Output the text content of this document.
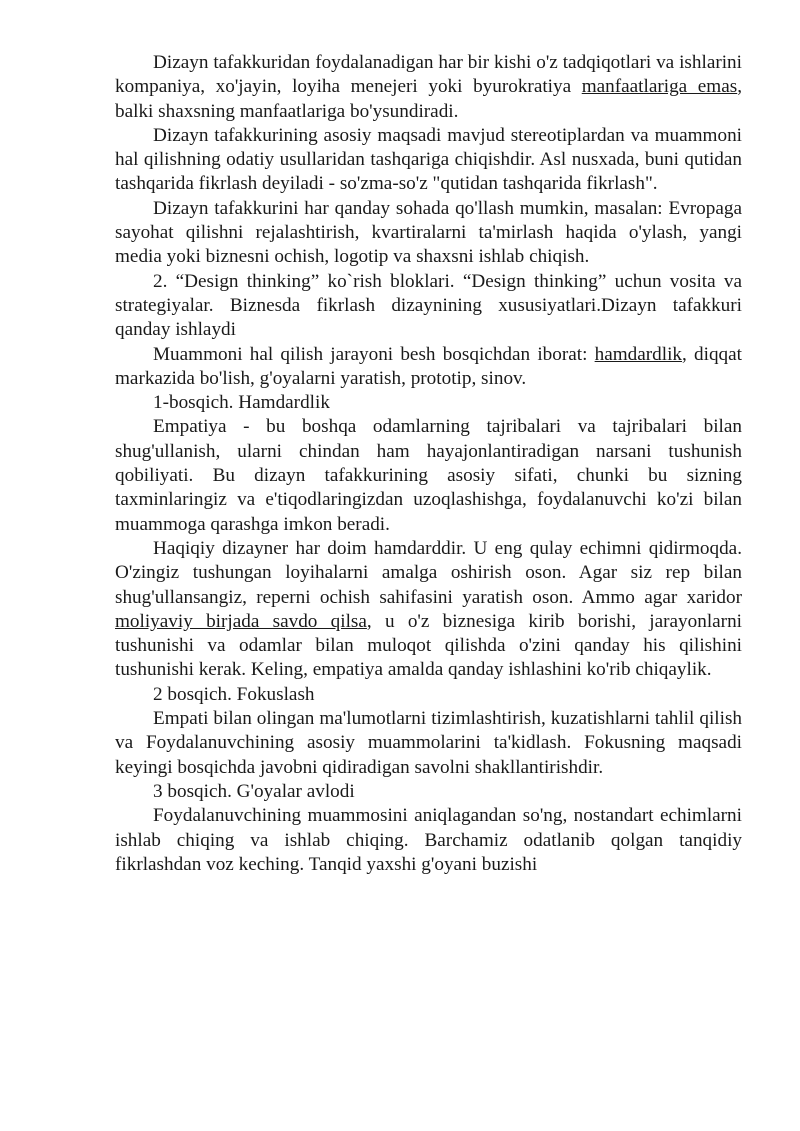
Dizayn tafakkuridan foydalanadigan har bir kishi o'z tadqiqotlari va ishlarini kompaniya, xo'jayin, loyiha menejeri yoki byurokratiya manfaatlariga emas, balki shaxsning manfaatlariga bo'ysundiradi.

Dizayn tafakkurining asosiy maqsadi mavjud stereotiplardan va muammoni hal qilishning odatiy usullaridan tashqariga chiqishdir. Asl nusxada, buni qutidan tashqarida fikrlash deyiladi - so'zma-so'z "qutidan tashqarida fikrlash".

Dizayn tafakkurini har qanday sohada qo'llash mumkin, masalan: Evropaga sayohat qilishni rejalashtirish, kvartiralarni ta'mirlash haqida o'ylash, yangi media yoki biznesni ochish, logotip va shaxsni ishlab chiqish.

2. “Design thinking” ko`rish bloklari. “Design thinking” uchun vosita va strategiyalar. Biznesda fikrlash dizaynining xususiyatlari.Dizayn tafakkuri qanday ishlaydi

Muammoni hal qilish jarayoni besh bosqichdan iborat: hamdardlik, diqqat markazida bo'lish, g'oyalarni yaratish, prototip, sinov.

1-bosqich. Hamdardlik

Empatiya - bu boshqa odamlarning tajribalari va tajribalari bilan shug'ullanish, ularni chindan ham hayajonlantiradigan narsani tushunish qobiliyati. Bu dizayn tafakkurining asosiy sifati, chunki bu sizning taxminlaringiz va e'tiqodlaringizdan uzoqlashishga, foydalanuvchi ko'zi bilan muammoga qarashga imkon beradi.

Haqiqiy dizayner har doim hamdarddir. U eng qulay echimni qidirmoqda. O'zingiz tushungan loyihalarni amalga oshirish oson. Agar siz rep bilan shug'ullansangiz, reperni ochish sahifasini yaratish oson. Ammo agar xaridor moliyaviy birjada savdo qilsa, u o'z biznesiga kirib borishi, jarayonlarni tushunishi va odamlar bilan muloqot qilishda o'zini qanday his qilishini tushunishi kerak. Keling, empatiya amalda qanday ishlashini ko'rib chiqaylik.

2 bosqich. Fokuslash

Empati bilan olingan ma'lumotlarni tizimlashtirish, kuzatishlarni tahlil qilish va Foydalanuvchining asosiy muammolarini ta'kidlash. Fokusning maqsadi keyingi bosqichda javobni qidiradigan savolni shakllantirishdir.

3 bosqich. G'oyalar avlodi

Foydalanuvchining muammosini aniqlagandan so'ng, nostandart echimlarni ishlab chiqing va ishlab chiqing. Barchamiz odatlanib qolgan tanqidiy fikrlashdan voz keching. Tanqid yaxshi g'oyani buzishi
